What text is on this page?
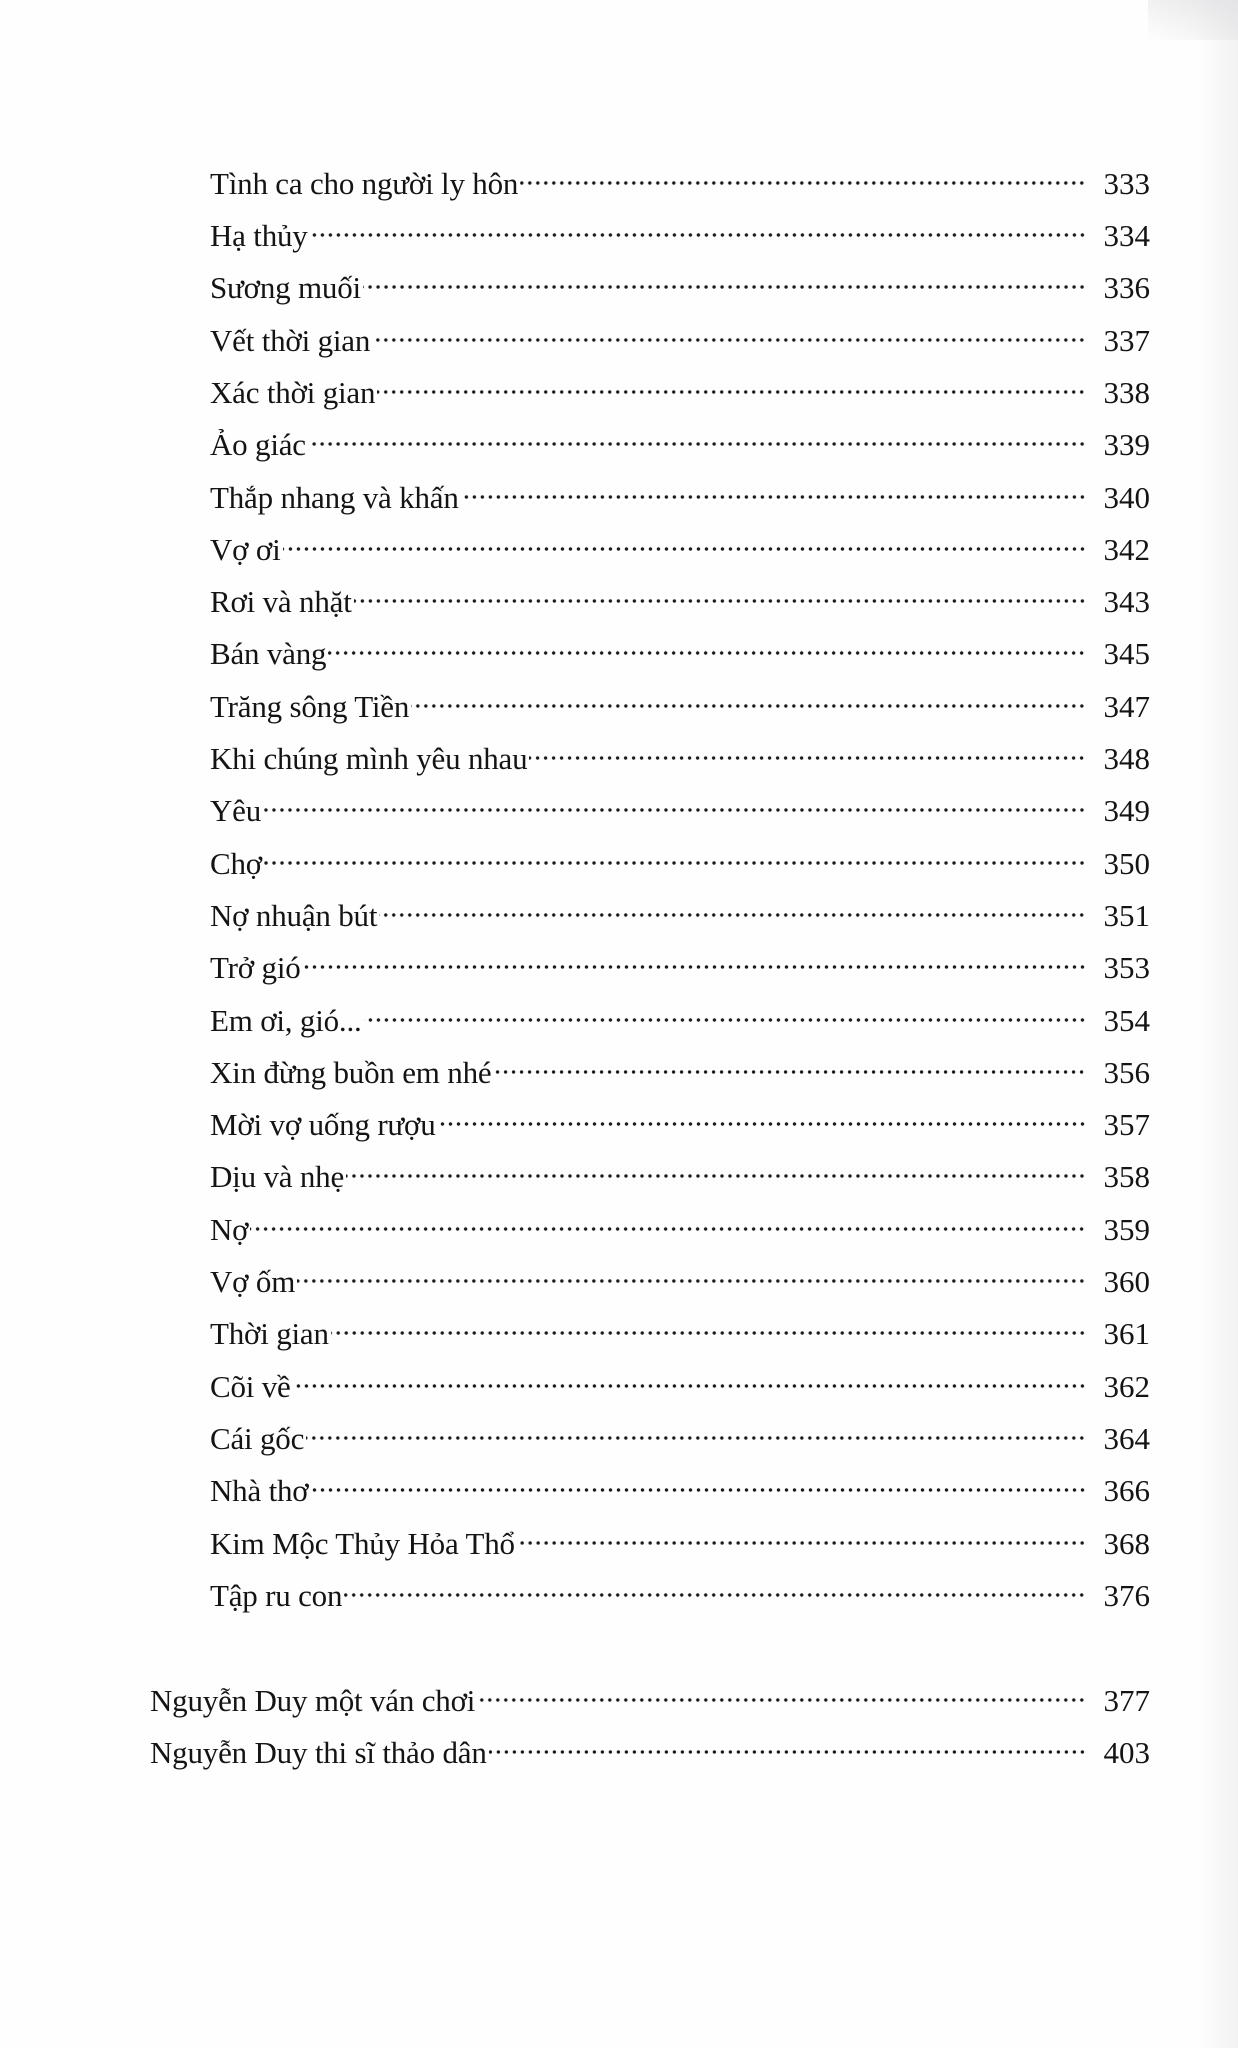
Tình ca cho người ly hôn	333
Hạ thủy	334
Sương muối	336
Vết thời gian	337
Xác thời gian	338
Ảo giác	339
Thắp nhang và khấn	340
Vợ ơi	342
Rơi và nhặt	343
Bán vàng	345
Trăng sông Tiền	347
Khi chúng mình yêu nhau	348
Yêu	349
Chợ	350
Nợ nhuận bút	351
Trở gió	353
Em ơi, gió...	354
Xin đừng buồn em nhé	356
Mời vợ uống rượu	357
Dịu và nhẹ	358
Nợ	359
Vợ ốm	360
Thời gian	361
Cõi về	362
Cái gốc	364
Nhà thơ	366
Kim Mộc Thủy Hỏa Thổ	368
Tập ru con	376
Nguyễn Duy một ván chơi	377
Nguyễn Duy thi sĩ thảo dân	403
